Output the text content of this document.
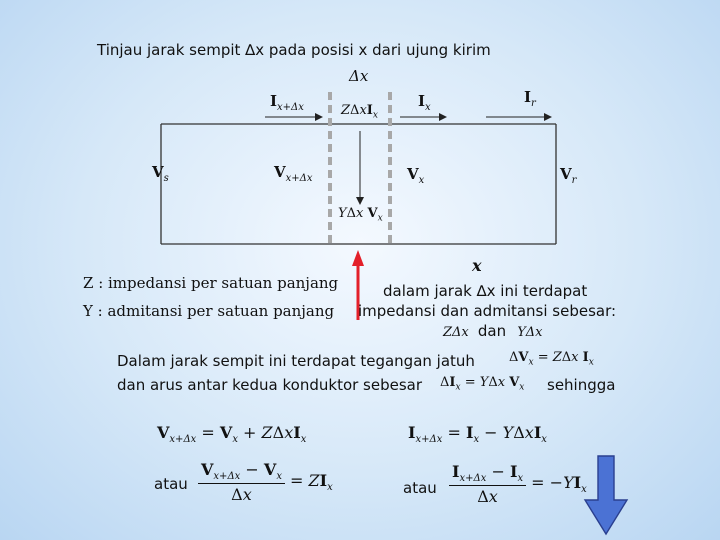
Tinjau jarak sempit ∆x pada posisi x dari ujung kirim
Δx
$I_{x+\Delta x}$	$I_x$
$I_r$
ZΔxI$_x$
$V_s$	$V_{x+\Delta x}$	$V_x$	$V_r$
YΔx $V_x$
x
Z : impedansi per satuan panjang
Y : admitansi per satuan panjang
dalam jarak ∆x ini terdapat
impedansi dan admitansi sebesar:
ZΔx dan YΔx
Dalam jarak sempit ini terdapat tegangan jatuh	$\Delta V_x = Z\Delta x$ $I_x$
dan arus antar kedua konduktor sebesar $\Delta I_x = Y\Delta x$ $V_x$ sehingga
$V_{x+\Delta x} = V_x + Z\Delta xI_x$	$I_{x+\Delta x} = I_x - Y\Delta xI_x$
atau $\frac{V_{x+\Delta x} - V_x}{\Delta x} = ZI_x$	atau $\frac{I_{x+\Delta x} - I_x}{\Delta x} = -YI_x$
